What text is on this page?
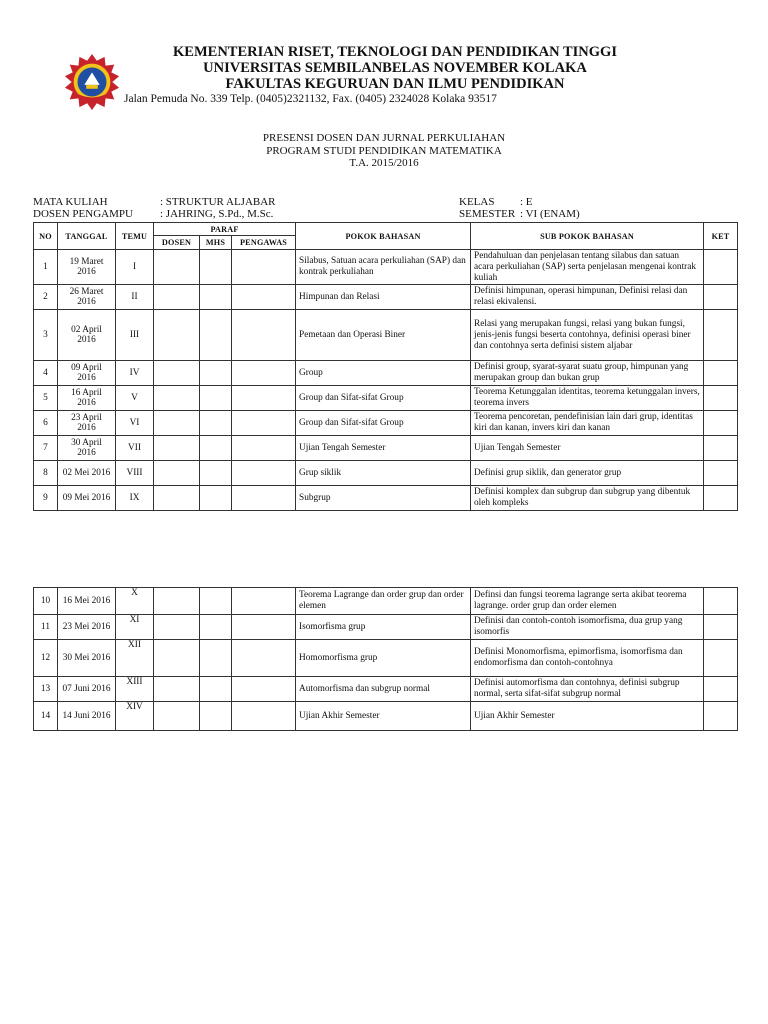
KEMENTERIAN RISET, TEKNOLOGI DAN PENDIDIKAN TINGGI
UNIVERSITAS SEMBILANBELAS NOVEMBER KOLAKA
FAKULTAS KEGURUAN DAN ILMU PENDIDIKAN
Jalan Pemuda No. 339 Telp. (0405)2321132, Fax. (0405) 2324028 Kolaka 93517
PRESENSI DOSEN DAN JURNAL PERKULIAHAN
PROGRAM STUDI PENDIDIKAN MATEMATIKA
T.A. 2015/2016
MATA KULIAH	: STRUKTUR ALJABAR
DOSEN PENGAMPU : JAHRING, S.Pd., M.Sc.
KELAS : E
SEMESTER : VI (ENAM)
NO	TANGGAL	TEMU	PARAF			POKOK BAHASAN	SUB POKOK BAHASAN	KET
			DOSEN	MHS	PENGAWAS			
1	19 Maret 2016	I				Silabus, Satuan acara perkuliahan (SAP) dan kontrak perkuliahan	Pendahuluan dan penjelasan tentang silabus dan satuan acara perkuliahan (SAP) serta penjelasan mengenai kontrak kuliah	
2	26 Maret 2016	II				Himpunan dan Relasi	Definisi himpunan, operasi himpunan, Definisi relasi dan relasi ekivalensi.	
3	02 April 2016	III				Pemetaan dan Operasi Biner	Relasi yang merupakan fungsi, relasi yang bukan fungsi, jenis-jenis fungsi beserta contohnya, definisi operasi biner dan contohnya serta definisi sistem aljabar	
4	09 April 2016	IV				Group	Definisi group, syarat-syarat suatu group, himpunan yang merupakan group dan bukan grup	
5	16 April 2016	V				Group dan Sifat-sifat Group	Teorema Ketunggalan identitas, teorema ketunggalan invers, teorema invers	
6	23 April 2016	VI				Group dan Sifat-sifat Group	Teorema pencoretan, pendefinisian lain dari grup, identitas kiri dan kanan, invers kiri dan kanan	
7	30 April 2016	VII				Ujian Tengah Semester	Ujian Tengah Semester	
8	02 Mei 2016	VIII				Grup siklik	Definisi grup siklik, dan generator grup	
9	09 Mei 2016	IX				Subgrup	Definisi komplex dan subgrup dan subgrup yang dibentuk oleh kompleks	
10	16 Mei 2016	X				Teorema Lagrange dan order grup dan order elemen	Definsi dan fungsi teorema lagrange serta akibat teorema lagrange. order grup dan order elemen	
11	23 Mei 2016	XI				Isomorfisma grup	Definisi dan contoh-contoh isomorfisma, dua grup yang isomorfis	
12	30 Mei 2016	XII				Homomorfisma grup	Definisi Monomorfisma, epimorfisma, isomorfisma dan endomorfisma dan contoh-contohnya	
13	07 Juni 2016	XIII				Automorfisma dan subgrup normal	Definisi automorfisma dan contohnya, definisi subgrup normal, serta sifat-sifat subgrup normal	
14	14 Juni 2016	XIV				Ujian Akhir Semester	Ujian Akhir Semester	
